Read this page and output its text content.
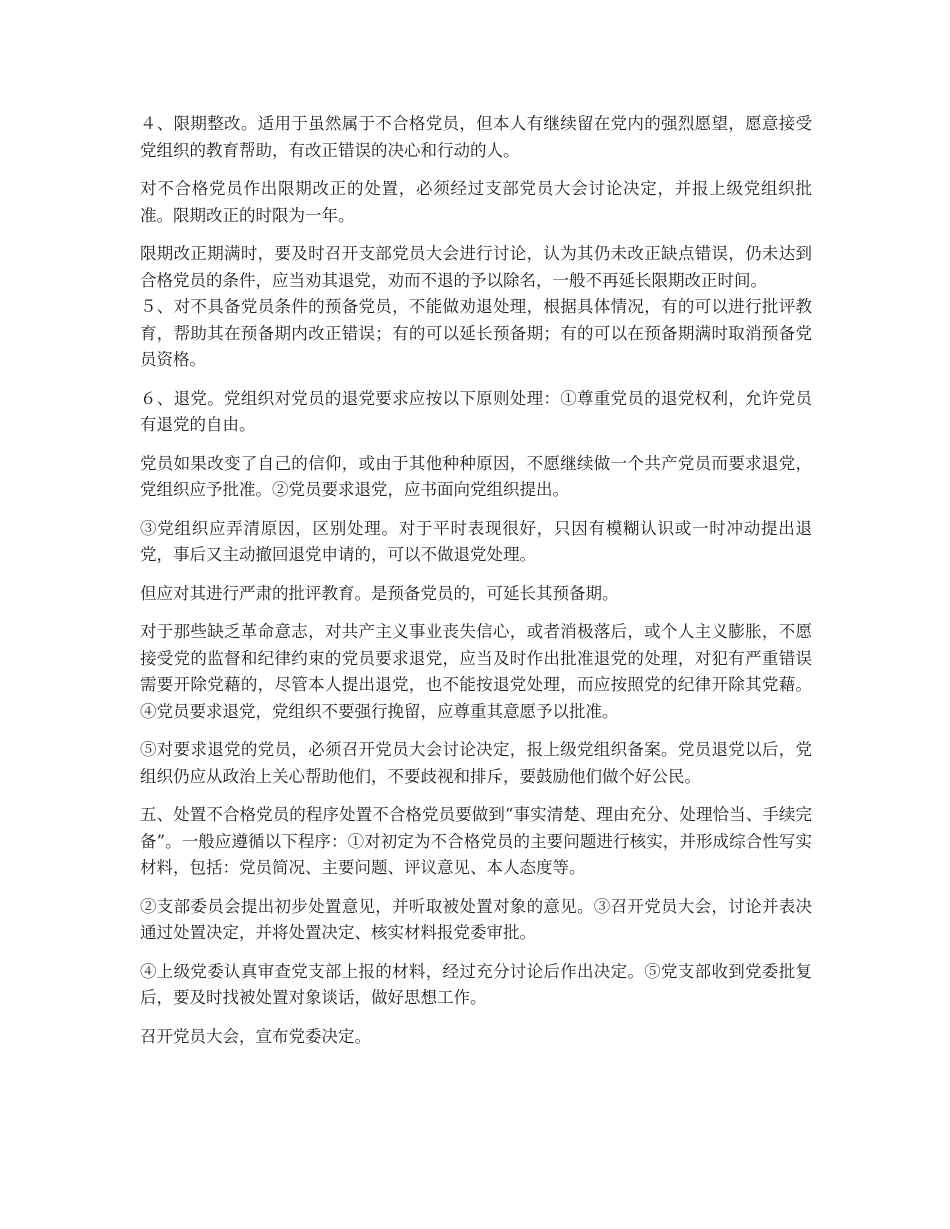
４、限期整改。适用于虽然属于不合格党员，但本人有继续留在党内的强烈愿望，愿意接受党组织的教育帮助，有改正错误的决心和行动的人。

对不合格党员作出限期改正的处置，必须经过支部党员大会讨论决定，并报上级党组织批准。限期改正的时限为一年。

限期改正期满时，要及时召开支部党员大会进行讨论，认为其仍未改正缺点错误，仍未达到合格党员的条件，应当劝其退党，劝而不退的予以除名，一般不再延长限期改正时间。
５、对不具备党员条件的预备党员，不能做劝退处理，根据具体情况，有的可以进行批评教育，帮助其在预备期内改正错误；有的可以延长预备期；有的可以在预备期满时取消预备党员资格。

６、退党。党组织对党员的退党要求应按以下原则处理：①尊重党员的退党权利，允许党员有退党的自由。

党员如果改变了自己的信仰，或由于其他种种原因，不愿继续做一个共产党员而要求退党，党组织应予批准。②党员要求退党，应书面向党组织提出。

③党组织应弄清原因，区别处理。对于平时表现很好，只因有模糊认识或一时冲动提出退党，事后又主动撤回退党申请的，可以不做退党处理。

但应对其进行严肃的批评教育。是预备党员的，可延长其预备期。

对于那些缺乏革命意志，对共产主义事业丧失信心，或者消极落后，或个人主义膨胀，不愿接受党的监督和纪律约束的党员要求退党，应当及时作出批准退党的处理，对犯有严重错误需要开除党藉的，尽管本人提出退党，也不能按退党处理，而应按照党的纪律开除其党藉。④党员要求退党，党组织不要强行挽留，应尊重其意愿予以批准。

⑤对要求退党的党员，必须召开党员大会讨论决定，报上级党组织备案。党员退党以后，党组织仍应从政治上关心帮助他们，不要歧视和排斥，要鼓励他们做个好公民。

五、处置不合格党员的程序处置不合格党员要做到“事实清楚、理由充分、处理恰当、手续完备”。一般应遵循以下程序：①对初定为不合格党员的主要问题进行核实，并形成综合性写实材料，包括：党员简况、主要问题、评议意见、本人态度等。

②支部委员会提出初步处置意见，并听取被处置对象的意见。③召开党员大会，讨论并表决通过处置决定，并将处置决定、核实材料报党委审批。

④上级党委认真审查党支部上报的材料，经过充分讨论后作出决定。⑤党支部收到党委批复后，要及时找被处置对象谈话，做好思想工作。

召开党员大会，宣布党委决定。
